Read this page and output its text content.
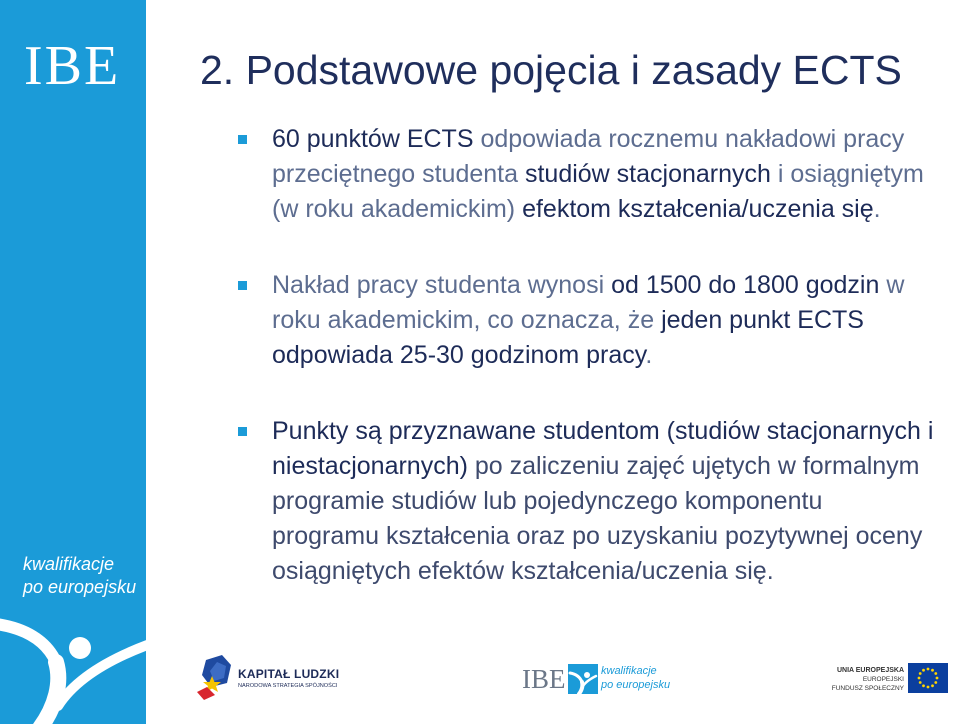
IBE
kwalifikacje
po europejsku
2. Podstawowe pojęcia i zasady ECTS
60 punktów ECTS odpowiada rocznemu nakładowi pracy
przeciętnego studenta studiów stacjonarnych i osiągniętym
(w roku akademickim) efektom kształcenia/uczenia się.
Nakład pracy studenta wynosi od 1500 do 1800 godzin w
roku akademickim, co oznacza, że jeden punkt ECTS
odpowiada 25-30 godzinom pracy.
Punkty są przyznawane studentom (studiów stacjonarnych i
niestacjonarnych) po zaliczeniu zajęć ujętych w formalnym
programie studiów lub pojedynczego komponentu
programu kształcenia oraz po uzyskaniu pozytywnej oceny
osiągniętych efektów kształcenia/uczenia się.
KAPITAŁ LUDZKI
NARODOWA STRATEGIA SPÓJNOŚCI	IBE	kwalifikacje
po europejsku
UNIA EUROPEJSKA
EUROPEJSKI
FUNDUSZ SPOŁECZNY
